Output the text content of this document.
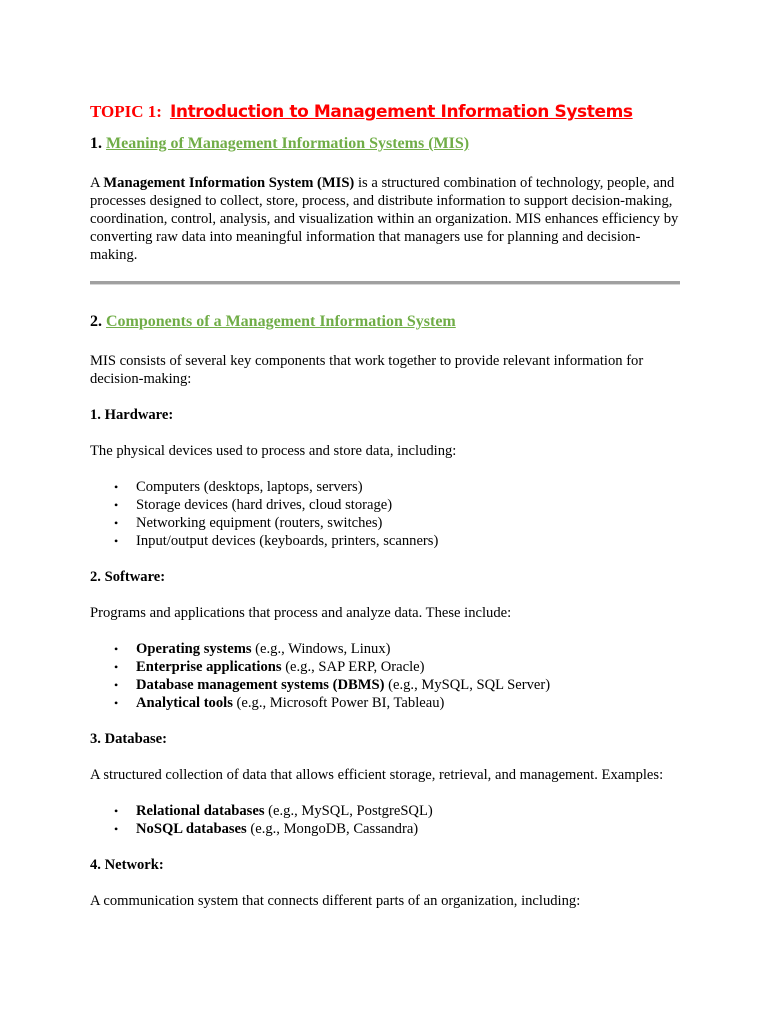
TOPIC 1: Introduction to Management Information Systems
1. Meaning of Management Information Systems (MIS)

A Management Information System (MIS) is a structured combination of technology, people, and processes designed to collect, store, process, and distribute information to support decision-making, coordination, control, analysis, and visualization within an organization. MIS enhances efficiency by converting raw data into meaningful information that managers use for planning and decision-making.

2. Components of a Management Information System

MIS consists of several key components that work together to provide relevant information for decision-making:

1. Hardware:

The physical devices used to process and store data, including:

• Computers (desktops, laptops, servers)
• Storage devices (hard drives, cloud storage)
• Networking equipment (routers, switches)
• Input/output devices (keyboards, printers, scanners)

2. Software:

Programs and applications that process and analyze data. These include:

• Operating systems (e.g., Windows, Linux)
• Enterprise applications (e.g., SAP ERP, Oracle)
• Database management systems (DBMS) (e.g., MySQL, SQL Server)
• Analytical tools (e.g., Microsoft Power BI, Tableau)

3. Database:

A structured collection of data that allows efficient storage, retrieval, and management. Examples:

• Relational databases (e.g., MySQL, PostgreSQL)
• NoSQL databases (e.g., MongoDB, Cassandra)

4. Network:

A communication system that connects different parts of an organization, including:
